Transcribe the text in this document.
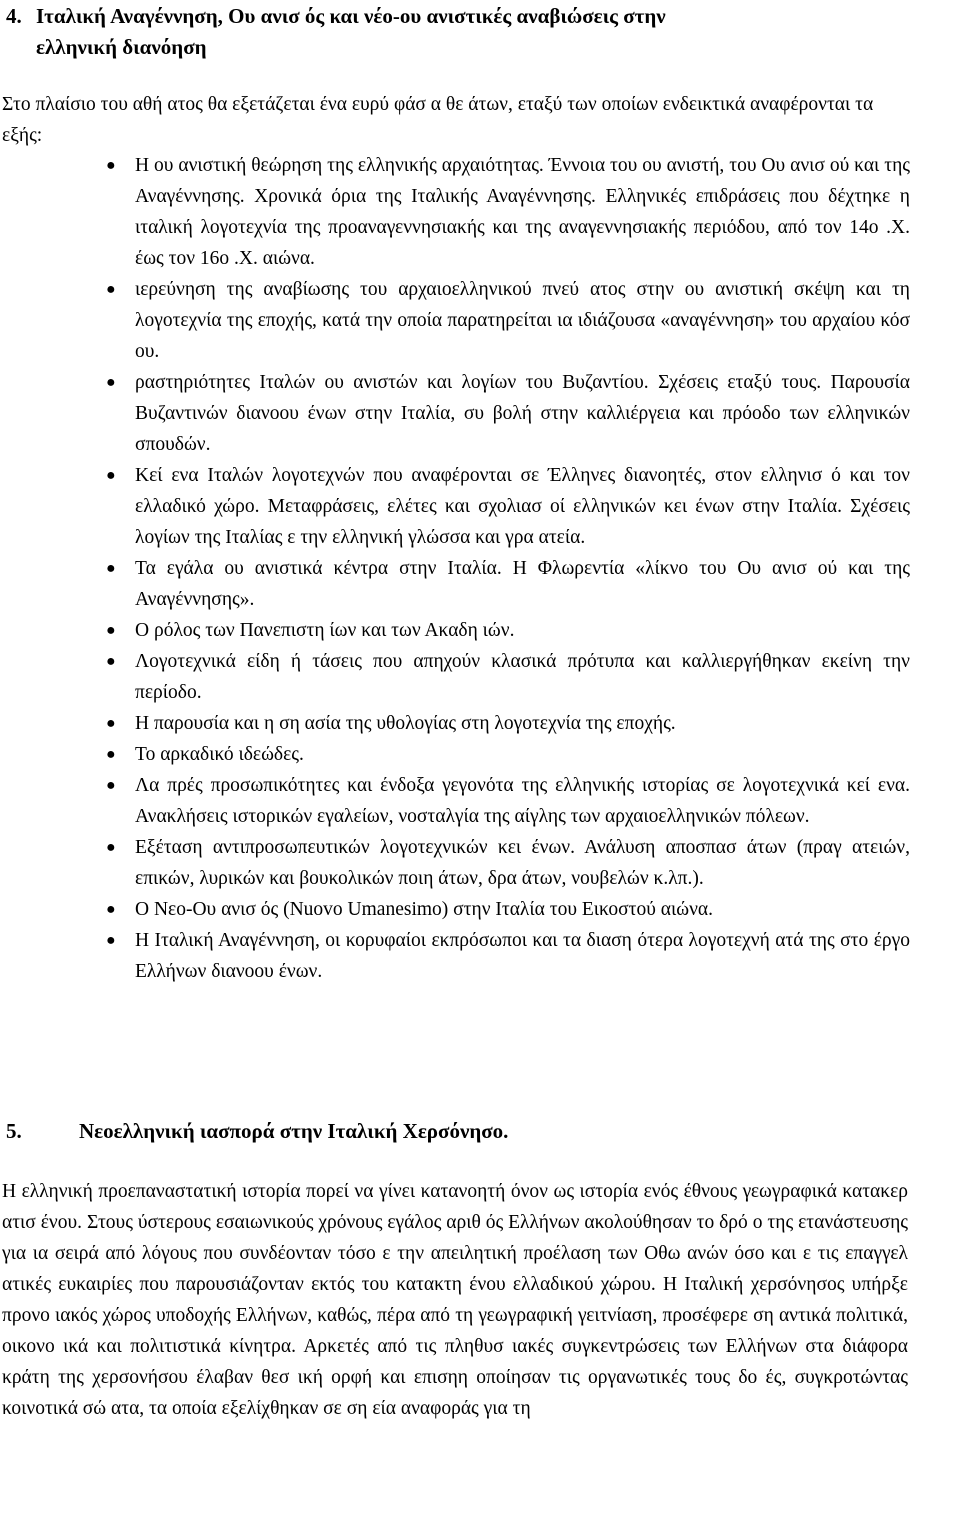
4. Ιταλική Αναγέννηση, Ου ανισ ός και νέο-ου ανιστικές αναβιώσεις στην
ελληνική διανόηση

Στο πλαίσιο του αθή ατος θα εξετάζεται ένα ευρύ φάσ α θε άτων, εταξύ των οποίων ενδεικτικά αναφέρονται τα εξής:

● Η ου ανιστική θεώρηση της ελληνικής αρχαιότητας. Έννοια του ου ανιστή, του Ου ανισ ού και της Αναγέννησης. Χρονικά όρια της Ιταλικής Αναγέννησης. Ελληνικές επιδράσεις που δέχτηκε η ιταλική λογοτεχνία της προαναγεννησιακής και της αναγεννησιακής περιόδου, από τον 14ο .Χ. έως τον 16ο .Χ. αιώνα.
● ιερεύνηση της αναβίωσης του αρχαιοελληνικού πνεύ ατος στην ου ανιστική σκέψη και τη λογοτεχνία της εποχής, κατά την οποία παρατηρείται ια ιδιάζουσα «αναγέννηση» του αρχαίου κόσ ου.
● ραστηριότητες Ιταλών ου ανιστών και λογίων του Βυζαντίου. Σχέσεις εταξύ τους. Παρουσία Βυζαντινών διανοου ένων στην Ιταλία, συ βολή στην καλλιέργεια και πρόοδο των ελληνικών σπουδών.
● Κεί ενα Ιταλών λογοτεχνών που αναφέρονται σε Έλληνες διανοητές, στον ελληνισ ό και τον ελλαδικό χώρο. Μεταφράσεις, ελέτες και σχολιασ οί ελληνικών κει ένων στην Ιταλία. Σχέσεις λογίων της Ιταλίας ε την ελληνική γλώσσα και γρα ατεία.
● Τα εγάλα ου ανιστικά κέντρα στην Ιταλία. Η Φλωρεντία «λίκνο του Ου ανισ ού και της Αναγέννησης».
● Ο ρόλος των Πανεπιστη ίων και των Ακαδη ιών.
● Λογοτεχνικά είδη ή τάσεις που απηχούν κλασικά πρότυπα και καλλιεργήθηκαν εκείνη την περίοδο.
● Η παρουσία και η ση ασία της υθολογίας στη λογοτεχνία της εποχής.
● Το αρκαδικό ιδεώδες.
● Λα πρές προσωπικότητες και ένδοξα γεγονότα της ελληνικής ιστορίας σε λογοτεχνικά κεί ενα. Ανακλήσεις ιστορικών εγαλείων, νοσταλγία της αίγλης των αρχαιοελληνικών πόλεων.
● Εξέταση αντιπροσωπευτικών λογοτεχνικών κει ένων. Ανάλυση αποσπασ άτων (πραγ ατειών, επικών, λυρικών και βουκολικών ποιη άτων, δρα άτων, νουβελών κ.λπ.).
● Ο Νεο-Ου ανισ ός (Nuovo Umanesimo) στην Ιταλία του Εικοστού αιώνα.
● Η Ιταλική Αναγέννηση, οι κορυφαίοι εκπρόσωποι και τα διαση ότερα λογοτεχνή ατά της στο έργο Ελλήνων διανοου ένων.
5.	Νεοελληνική ιασπορά στην Ιταλική Χερσόνησο.

Η ελληνική προεπαναστατική ιστορία πορεί να γίνει κατανοητή όνον ως ιστορία ενός έθνους γεωγραφικά κατακερ ατισ ένου. Στους ύστερους εσαιωνικούς χρόνους εγάλος αριθ ός Ελλήνων ακολούθησαν το δρό ο της ετανάστευσης για ια σειρά από λόγους που συνδέονταν τόσο ε την απειλητική προέλαση των Οθω ανών όσο και ε τις επαγγελ ατικές ευκαιρίες που παρουσιάζονταν εκτός του κατακτη ένου ελλαδικού χώρου. Η Ιταλική χερσόνησος υπήρξε προνο ιακός χώρος υποδοχής Ελλήνων, καθώς, πέρα από τη γεωγραφική γειτνίαση, προσέφερε ση αντικά πολιτικά, οικονο ικά και πολιτιστικά κίνητρα. Αρκετές από τις πληθυσ ιακές συγκεντρώσεις των Ελλήνων στα διάφορα κράτη της χερσονήσου έλαβαν θεσ ική ορφή και επισηη οποίησαν τις οργανωτικές τους δο ές, συγκροτώντας κοινοτικά σώ ατα, τα οποία εξελίχθηκαν σε ση εία αναφοράς για τη
